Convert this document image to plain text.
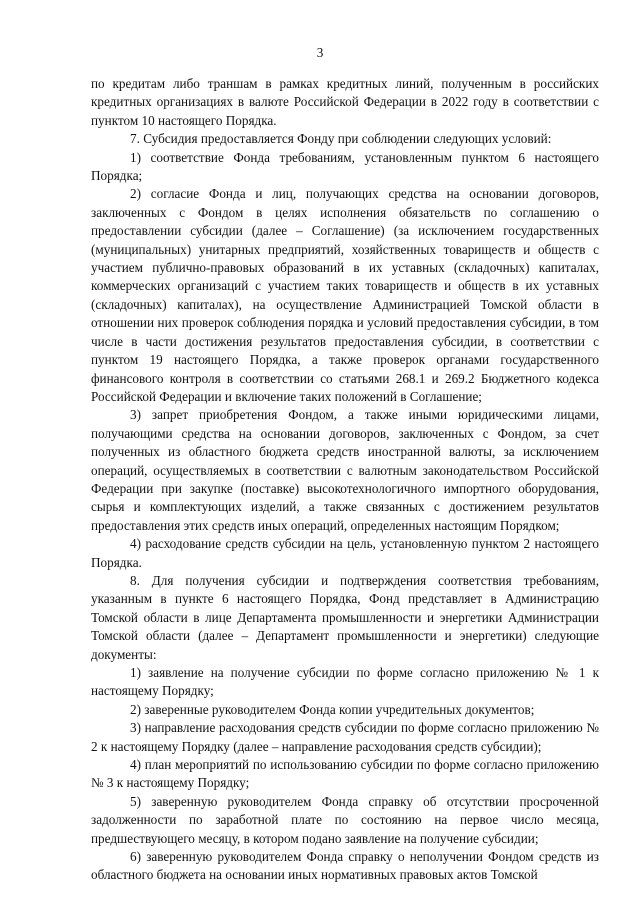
3

по кредитам либо траншам в рамках кредитных линий, полученным в российских кредитных организациях в валюте Российской Федерации в 2022 году в соответствии с пунктом 10 настоящего Порядка.

7. Субсидия предоставляется Фонду при соблюдении следующих условий:

1) соответствие Фонда требованиям, установленным пунктом 6 настоящего Порядка;

2) согласие Фонда и лиц, получающих средства на основании договоров, заключенных с Фондом в целях исполнения обязательств по соглашению о предоставлении субсидии (далее – Соглашение) (за исключением государственных (муниципальных) унитарных предприятий, хозяйственных товариществ и обществ с участием публично-правовых образований в их уставных (складочных) капиталах, коммерческих организаций с участием таких товариществ и обществ в их уставных (складочных) капиталах), на осуществление Администрацией Томской области в отношении них проверок соблюдения порядка и условий предоставления субсидии, в том числе в части достижения результатов предоставления субсидии, в соответствии с пунктом 19 настоящего Порядка, а также проверок органами государственного финансового контроля в соответствии со статьями 268.1 и 269.2 Бюджетного кодекса Российской Федерации и включение таких положений в Соглашение;

3) запрет приобретения Фондом, а также иными юридическими лицами, получающими средства на основании договоров, заключенных с Фондом, за счет полученных из областного бюджета средств иностранной валюты, за исключением операций, осуществляемых в соответствии с валютным законодательством Российской Федерации при закупке (поставке) высокотехнологичного импортного оборудования, сырья и комплектующих изделий, а также связанных с достижением результатов предоставления этих средств иных операций, определенных настоящим Порядком;

4) расходование средств субсидии на цель, установленную пунктом 2 настоящего Порядка.

8. Для получения субсидии и подтверждения соответствия требованиям, указанным в пункте 6 настоящего Порядка, Фонд представляет в Администрацию Томской области в лице Департамента промышленности и энергетики Администрации Томской области (далее – Департамент промышленности и энергетики) следующие документы:

1) заявление на получение субсидии по форме согласно приложению № 1 к настоящему Порядку;

2) заверенные руководителем Фонда копии учредительных документов;

3) направление расходования средств субсидии по форме согласно приложению № 2 к настоящему Порядку (далее – направление расходования средств субсидии);

4) план мероприятий по использованию субсидии по форме согласно приложению № 3 к настоящему Порядку;

5) заверенную руководителем Фонда справку об отсутствии просроченной задолженности по заработной плате по состоянию на первое число месяца, предшествующего месяцу, в котором подано заявление на получение субсидии;

6) заверенную руководителем Фонда справку о неполучении Фондом средств из областного бюджета на основании иных нормативных правовых актов Томской
